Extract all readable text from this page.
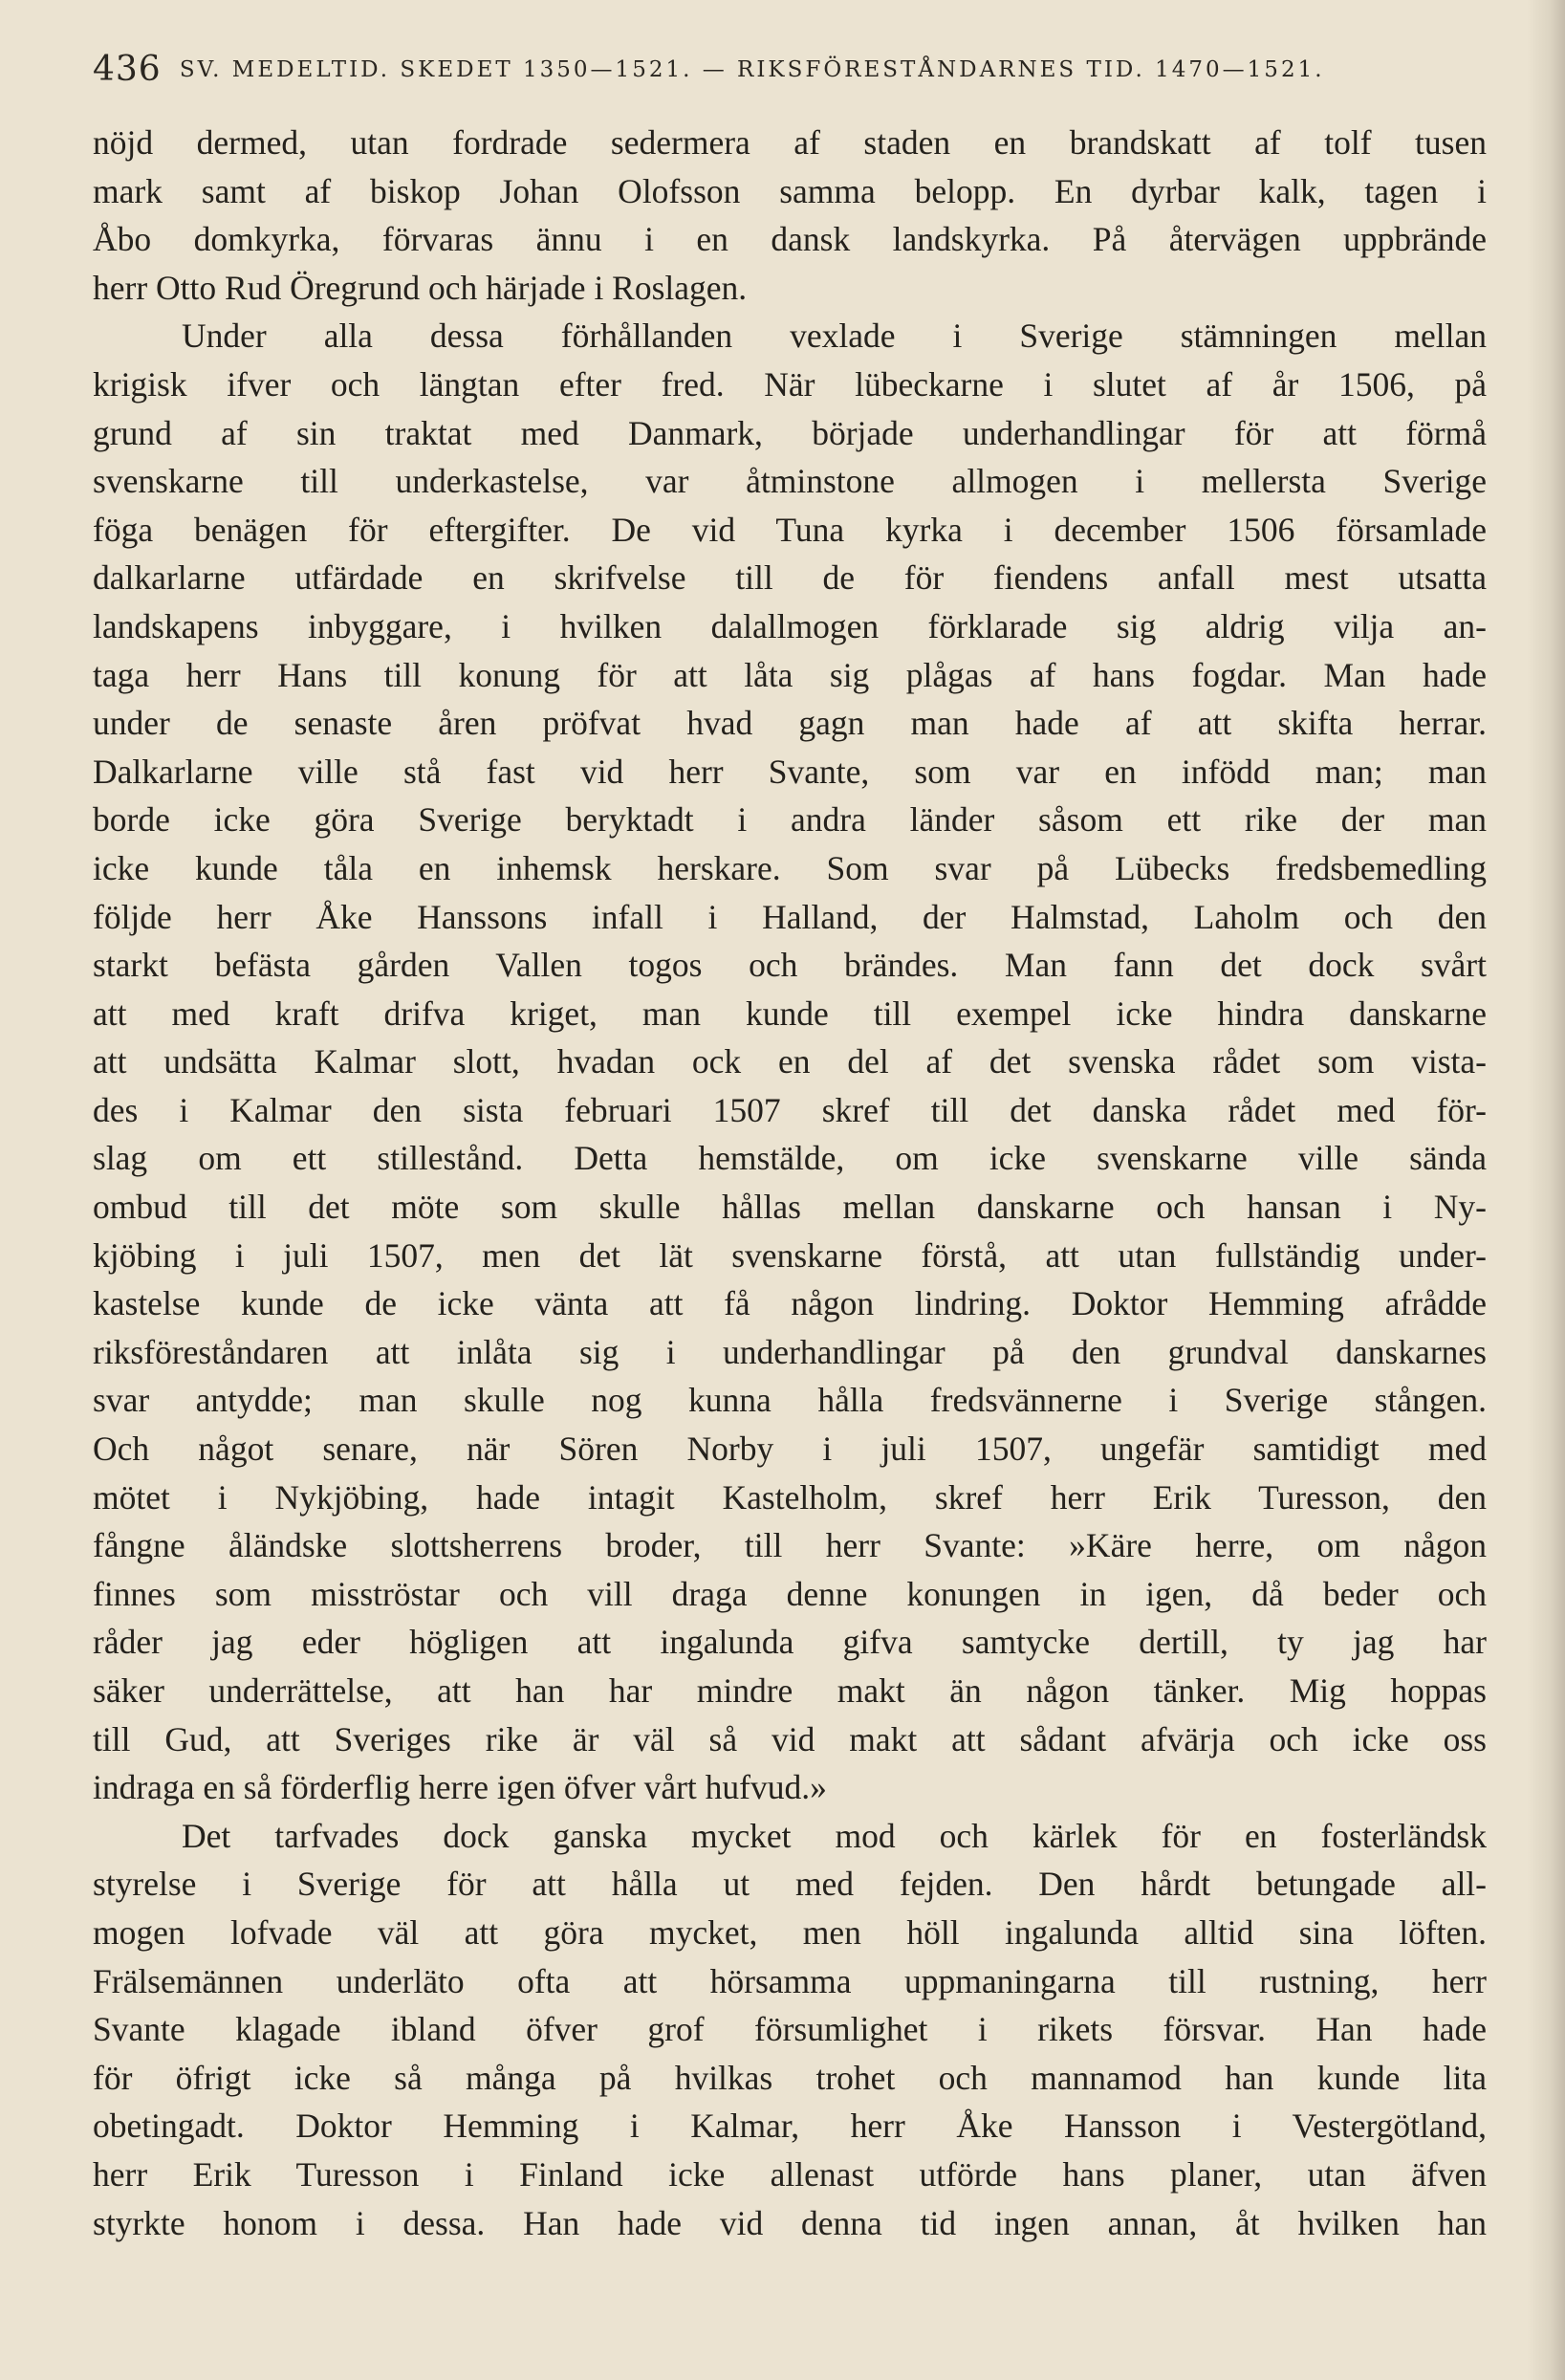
436 SV. MEDELTID. SKEDET 1350—1521. — RIKSFÖRESTÅNDARNES TID. 1470—1521.
nöjd dermed, utan fordrade sedermera af staden en brandskatt af tolf tusen
mark samt af biskop Johan Olofsson samma belopp. En dyrbar kalk, tagen i
Åbo domkyrka, förvaras ännu i en dansk landskyrka. På återvägen uppbrände
herr Otto Rud Öregrund och härjade i Roslagen.
Under alla dessa förhållanden vexlade i Sverige stämningen mellan
krigisk ifver och längtan efter fred. När lübeckarne i slutet af år 1506, på
grund af sin traktat med Danmark, började underhandlingar för att förmå
svenskarne till underkastelse, var åtminstone allmogen i mellersta Sverige
föga benägen för eftergifter. De vid Tuna kyrka i december 1506 församlade
dalkarlarne utfärdade en skrifvelse till de för fiendens anfall mest utsatta
landskapens inbyggare, i hvilken dalallmogen förklarade sig aldrig vilja an-
taga herr Hans till konung för att låta sig plågas af hans fogdar. Man hade
under de senaste åren pröfvat hvad gagn man hade af att skifta herrar.
Dalkarlarne ville stå fast vid herr Svante, som var en infödd man; man
borde icke göra Sverige beryktadt i andra länder såsom ett rike der man
icke kunde tåla en inhemsk herskare. Som svar på Lübecks fredsbemedling
följde herr Åke Hanssons infall i Halland, der Halmstad, Laholm och den
starkt befästa gården Vallen togos och brändes. Man fann det dock svårt
att med kraft drifva kriget, man kunde till exempel icke hindra danskarne
att undsätta Kalmar slott, hvadan ock en del af det svenska rådet som vista-
des i Kalmar den sista februari 1507 skref till det danska rådet med för-
slag om ett stillestånd. Detta hemstälde, om icke svenskarne ville sända
ombud till det möte som skulle hållas mellan danskarne och hansan i Ny-
kjöbing i juli 1507, men det lät svenskarne förstå, att utan fullständig under-
kastelse kunde de icke vänta att få någon lindring. Doktor Hemming afrådde
riksföreståndaren att inlåta sig i underhandlingar på den grundval danskarnes
svar antydde; man skulle nog kunna hålla fredsvännerne i Sverige stången.
Och något senare, när Sören Norby i juli 1507, ungefär samtidigt med
mötet i Nykjöbing, hade intagit Kastelholm, skref herr Erik Turesson, den
fångne åländske slottsherrens broder, till herr Svante: »Käre herre, om någon
finnes som misströstar och vill draga denne konungen in igen, då beder och
råder jag eder högligen att ingalunda gifva samtycke dertill, ty jag har
säker underrättelse, att han har mindre makt än någon tänker. Mig hoppas
till Gud, att Sveriges rike är väl så vid makt att sådant afvärja och icke oss
indraga en så förderflig herre igen öfver vårt hufvud.»
Det tarfvades dock ganska mycket mod och kärlek för en fosterländsk
styrelse i Sverige för att hålla ut med fejden. Den hårdt betungade all-
mogen lofvade väl att göra mycket, men höll ingalunda alltid sina löften.
Frälsemännen underläto ofta att hörsamma uppmaningarna till rustning, herr
Svante klagade ibland öfver grof försumlighet i rikets försvar. Han hade
för öfrigt icke så många på hvilkas trohet och mannamod han kunde lita
obetingadt. Doktor Hemming i Kalmar, herr Åke Hansson i Vestergötland,
herr Erik Turesson i Finland icke allenast utförde hans planer, utan äfven
styrkte honom i dessa. Han hade vid denna tid ingen annan, åt hvilken han
